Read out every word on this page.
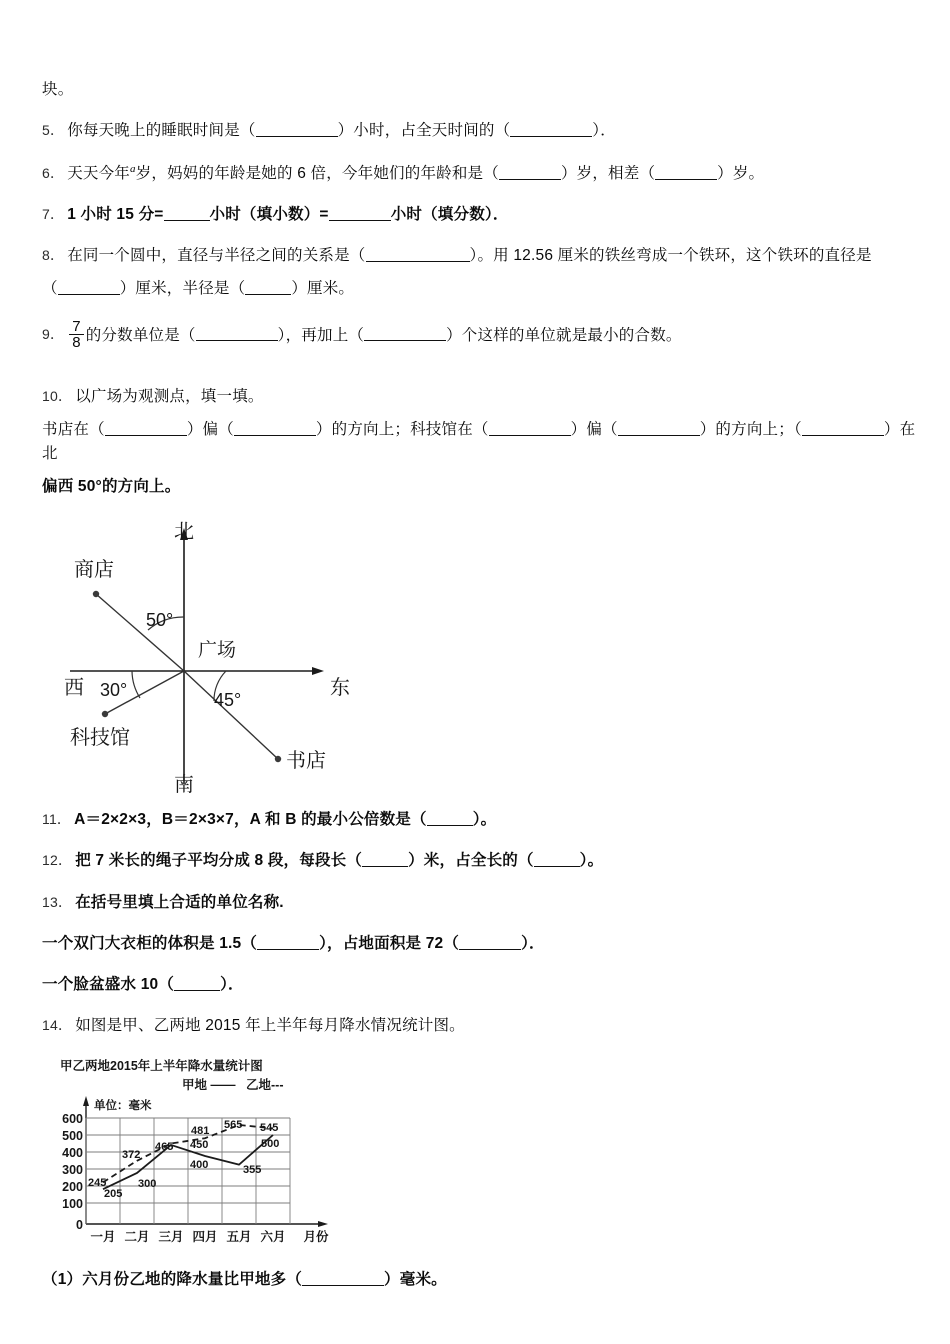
块。
5． 你每天晚上的睡眠时间是（	）小时，占全天时间的（	）．
6． 天天今年$^a$岁，妈妈的年龄是她的 6 倍，今年她们的年龄和是（	）岁，相差（	）岁。
7． 1 小时 15 分=	小时（填小数）=	小时（填分数）．
8． 在同一个圆中，直径与半径之间的关系是（	）。用 12.56 厘米的铁丝弯成一个铁环，这个铁环的直径是
（	）厘米，半径是（	）厘米。
9． $\frac{7}{8}$ 的分数单位是（	），再加上（	）个这样的单位就是最小的合数。
10． 以广场为观测点，填一填。
书店在（	）偏（	）的方向上；科技馆在（	）偏（	）的方向上；（	）在北
偏西 50°的方向上。
北
南
东
西
广场
商店
科技馆
书店
50°
30°	45°
11． A＝2×2×3，B＝2×3×7，A 和 B 的最小公倍数是（	）。
12． 把 7 米长的绳子平均分成 8 段，每段长（	）米，占全长的（	）。
13． 在括号里填上合适的单位名称.
一个双门大衣柜的体积是 1.5（	），占地面积是 72（	）．
一个脸盆盛水 10（	）．
14． 如图是甲、乙两地 2015 年上半年每月降水情况统计图。
甲乙两地2015年上半年降水量统计图
甲地 —— 乙地---
单位：毫米
600
500
400
300
200
100
0
245
372
450
481 565 545
205
300
465
400	355
500
一月 二月 三月 四月 五月 六月 月份
（1）六月份乙地的降水量比甲地多（	）毫米。
